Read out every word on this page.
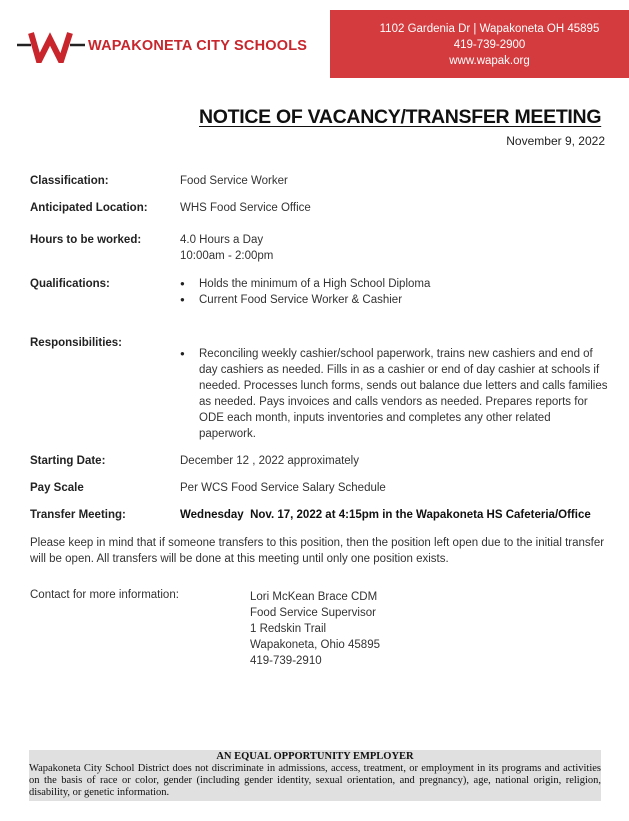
WAPAKONETA CITY SCHOOLS
1102 Gardenia Dr | Wapakoneta OH 45895
419-739-2900
www.wapak.org
NOTICE OF VACANCY/TRANSFER MEETING
November 9, 2022
Classification:	Food Service Worker
Anticipated Location:	WHS Food Service Office
Hours to be worked:	4.0 Hours a Day
10:00am - 2:00pm
Qualifications:
●	Holds the minimum of a High School Diploma
● Current Food Service Worker & Cashier
Responsibilities:
● Reconciling weekly cashier/school paperwork, trains new cashiers and end of day cashiers as needed. Fills in as a cashier or end of day cashier at schools if needed. Processes lunch forms, sends out balance due letters and calls families as needed. Pays invoices and calls vendors as needed. Prepares reports for ODE each month, inputs inventories and completes any other related paperwork.
Starting Date:	December 12 , 2022 approximately
Pay Scale	Per WCS Food Service Salary Schedule
Transfer Meeting:	Wednesday  Nov. 17, 2022 at 4:15pm in the Wapakoneta HS Cafeteria/Office
Please keep in mind that if someone transfers to this position, then the position left open due to the initial transfer will be open. All transfers will be done at this meeting until only one position exists.
Contact for more information:	Lori McKean Brace CDM
Food Service Supervisor
1 Redskin Trail
Wapakoneta, Ohio 45895
419-739-2910
AN EQUAL OPPORTUNITY EMPLOYER
Wapakoneta City School District does not discriminate in admissions, access, treatment, or employment in its programs and activities on the basis of race or color, gender (including gender identity, sexual orientation, and pregnancy), age, national origin, religion, disability, or genetic information.
